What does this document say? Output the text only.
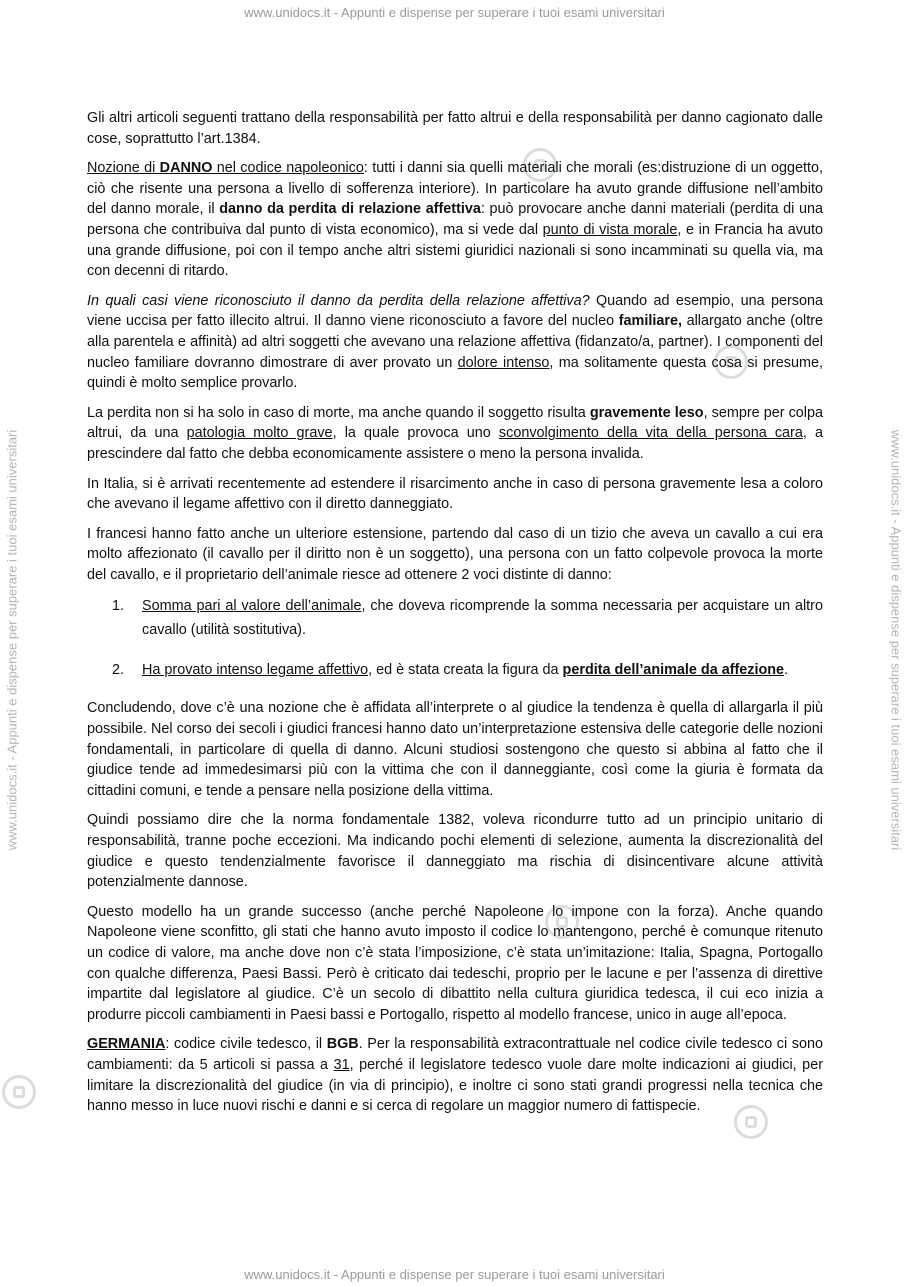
www.unidocs.it - Appunti e dispense per superare i tuoi esami universitari
www.unidocs.it - Appunti e dispense per superare i tuoi esami universitari	www.unidocs.it - Appunti e dispense per superare i tuoi esami universitari

Gli altri articoli seguenti trattano della responsabilità per fatto altrui e della responsabilità per danno cagionato dalle cose, soprattutto l’art.1384.

Nozione di DANNO nel codice napoleonico: tutti i danni sia quelli materiali che morali (es:distruzione di un oggetto, ciò che risente una persona a livello di sofferenza interiore). In particolare ha avuto grande diffusione nell’ambito del danno morale, il danno da perdita di relazione affettiva: può provocare anche danni materiali (perdita di una persona che contribuiva dal punto di vista economico), ma si vede dal punto di vista morale, e in Francia ha avuto una grande diffusione, poi con il tempo anche altri sistemi giuridici nazionali si sono incamminati su quella via, ma con decenni di ritardo.

In quali casi viene riconosciuto il danno da perdita della relazione affettiva? Quando ad esempio, una persona viene uccisa per fatto illecito altrui. Il danno viene riconosciuto a favore del nucleo familiare, allargato anche (oltre alla parentela e affinità) ad altri soggetti che avevano una relazione affettiva (fidanzato/a, partner). I componenti del nucleo familiare dovranno dimostrare di aver provato un dolore intenso, ma solitamente questa cosa si presume, quindi è molto semplice provarlo.

La perdita non si ha solo in caso di morte, ma anche quando il soggetto risulta gravemente leso, sempre per colpa altrui, da una patologia molto grave, la quale provoca uno sconvolgimento della vita della persona cara, a prescindere dal fatto che debba economicamente assistere o meno la persona invalida.

In Italia, si è arrivati recentemente ad estendere il risarcimento anche in caso di persona gravemente lesa a coloro che avevano il legame affettivo con il diretto danneggiato.

I francesi hanno fatto anche un ulteriore estensione, partendo dal caso di un tizio che aveva un cavallo a cui era molto affezionato (il cavallo per il diritto non è un soggetto), una persona con un fatto colpevole provoca la morte del cavallo, e il proprietario dell’animale riesce ad ottenere 2 voci distinte di danno:

1. Somma pari al valore dell’animale, che doveva ricomprende la somma necessaria per acquistare un altro cavallo (utilità sostitutiva).
2. Ha provato intenso legame affettivo, ed è stata creata la figura da perdita dell’animale da affezione.

Concludendo, dove c’è una nozione che è affidata all’interprete o al giudice la tendenza è quella di allargarla il più possibile. Nel corso dei secoli i giudici francesi hanno dato un’interpretazione estensiva delle categorie delle nozioni fondamentali, in particolare di quella di danno. Alcuni studiosi sostengono che questo si abbina al fatto che il giudice tende ad immedesimarsi più con la vittima che con il danneggiante, così come la giuria è formata da cittadini comuni, e tende a pensare nella posizione della vittima.

Quindi possiamo dire che la norma fondamentale 1382, voleva ricondurre tutto ad un principio unitario di responsabilità, tranne poche eccezioni. Ma indicando pochi elementi di selezione, aumenta la discrezionalità del giudice e questo tendenzialmente favorisce il danneggiato ma rischia di disincentivare alcune attività potenzialmente dannose.

Questo modello ha un grande successo (anche perché Napoleone lo impone con la forza). Anche quando Napoleone viene sconfitto, gli stati che hanno avuto imposto il codice lo mantengono, perché è comunque ritenuto un codice di valore, ma anche dove non c’è stata l’imposizione, c’è stata un’imitazione: Italia, Spagna, Portogallo con qualche differenza, Paesi Bassi. Però è criticato dai tedeschi, proprio per le lacune e per l’assenza di direttive impartite dal legislatore al giudice. C’è un secolo di dibattito nella cultura giuridica tedesca, il cui eco inizia a produrre piccoli cambiamenti in Paesi bassi e Portogallo, rispetto al modello francese, unico in auge all’epoca.

GERMANIA: codice civile tedesco, il BGB. Per la responsabilità extracontrattuale nel codice civile tedesco ci sono cambiamenti: da 5 articoli si passa a 31, perché il legislatore tedesco vuole dare molte indicazioni ai giudici, per limitare la discrezionalità del giudice (in via di principio), e inoltre ci sono stati grandi progressi nella tecnica che hanno messo in luce nuovi rischi e danni e si cerca di regolare un maggior numero di fattispecie.

www.unidocs.it - Appunti e dispense per superare i tuoi esami universitari
